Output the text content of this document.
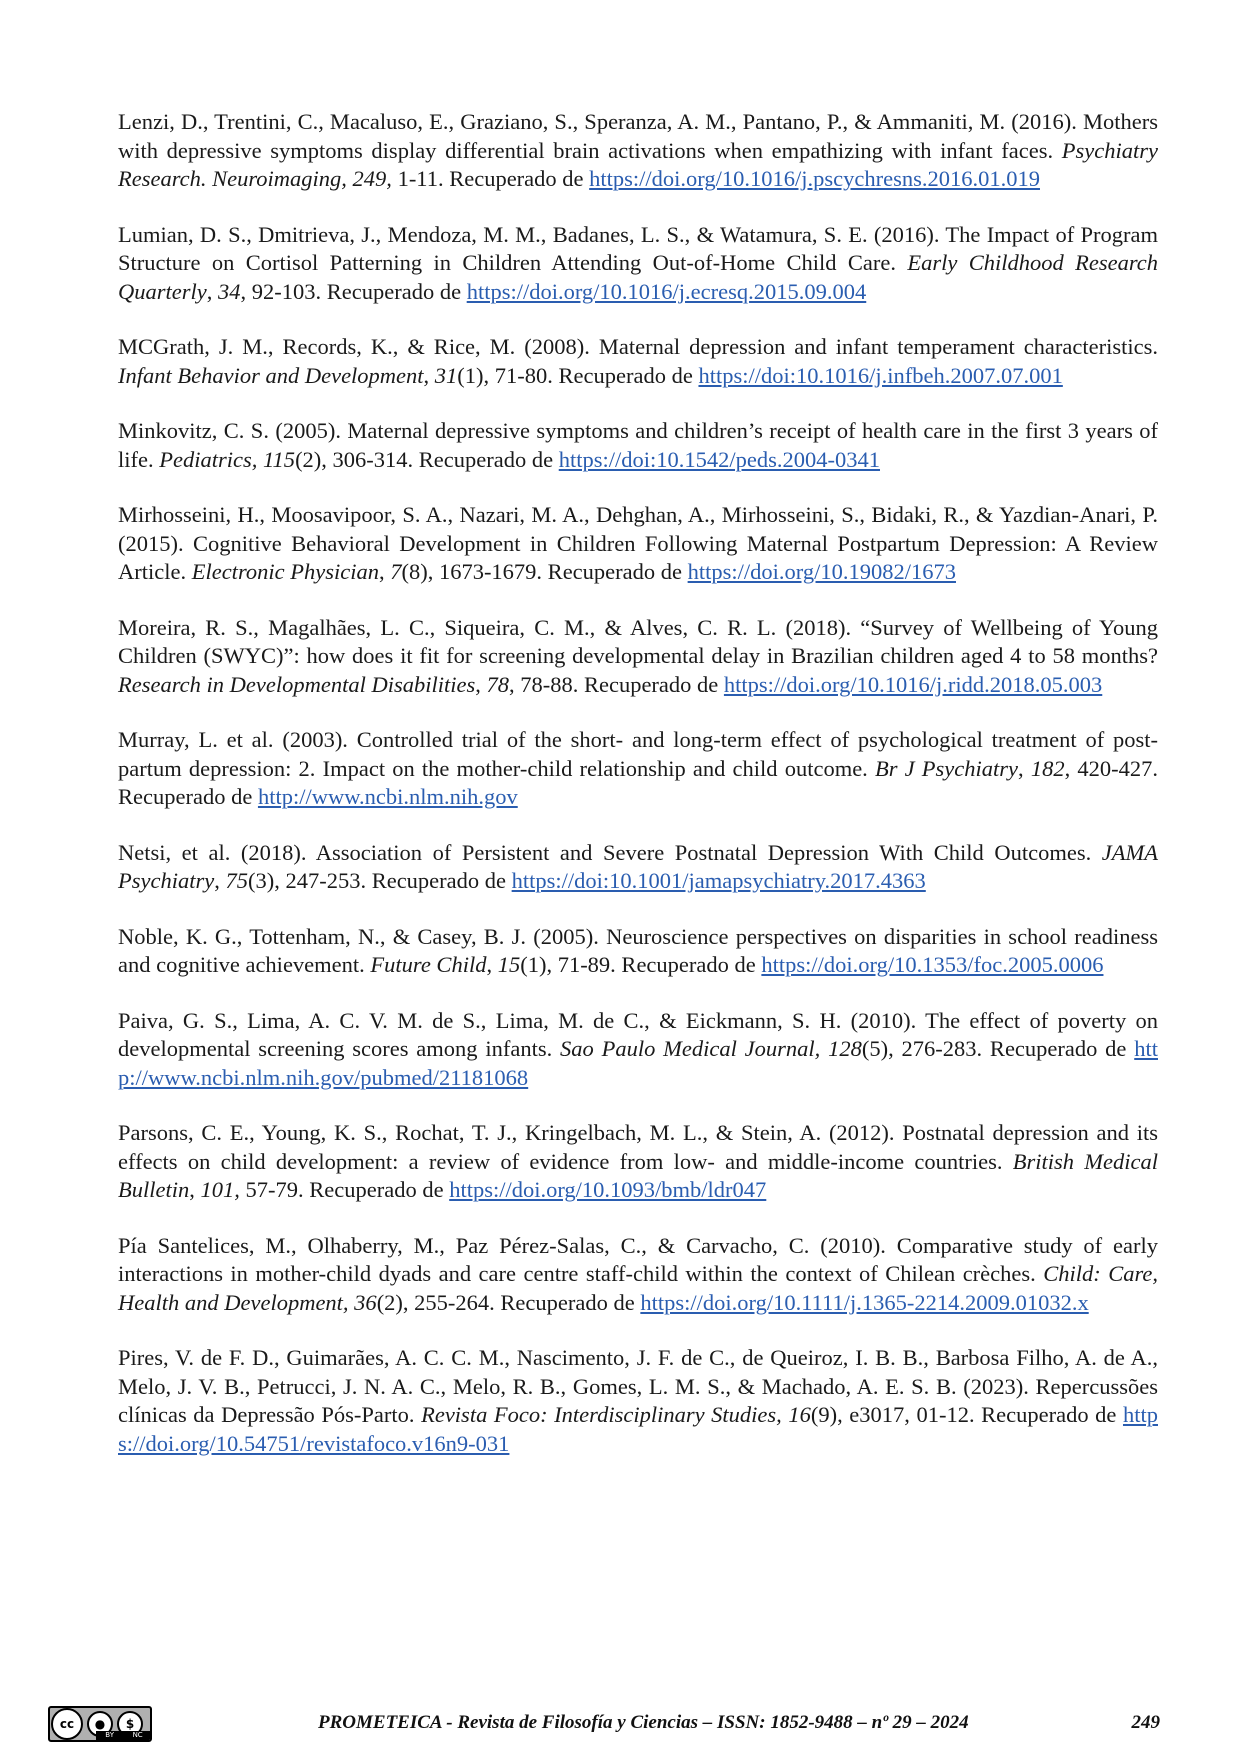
Lenzi, D., Trentini, C., Macaluso, E., Graziano, S., Speranza, A. M., Pantano, P., & Ammaniti, M. (2016). Mothers with depressive symptoms display differential brain activations when empathizing with infant faces. Psychiatry Research. Neuroimaging, 249, 1-11. Recuperado de https://doi.org/10.1016/j.pscychresns.2016.01.019

Lumian, D. S., Dmitrieva, J., Mendoza, M. M., Badanes, L. S., & Watamura, S. E. (2016). The Impact of Program Structure on Cortisol Patterning in Children Attending Out-of-Home Child Care. Early Childhood Research Quarterly, 34, 92-103. Recuperado de https://doi.org/10.1016/j.ecresq.2015.09.004

MCGrath, J. M., Records, K., & Rice, M. (2008). Maternal depression and infant temperament characteristics. Infant Behavior and Development, 31(1), 71-80. Recuperado de https://doi:10.1016/j.infbeh.2007.07.001

Minkovitz, C. S. (2005). Maternal depressive symptoms and children’s receipt of health care in the first 3 years of life. Pediatrics, 115(2), 306-314. Recuperado de https://doi:10.1542/peds.2004-0341

Mirhosseini, H., Moosavipoor, S. A., Nazari, M. A., Dehghan, A., Mirhosseini, S., Bidaki, R., & Yazdian-Anari, P. (2015). Cognitive Behavioral Development in Children Following Maternal Postpartum Depression: A Review Article. Electronic Physician, 7(8), 1673-1679. Recuperado de https://doi.org/10.19082/1673

Moreira, R. S., Magalhães, L. C., Siqueira, C. M., & Alves, C. R. L. (2018). “Survey of Wellbeing of Young Children (SWYC)”: how does it fit for screening developmental delay in Brazilian children aged 4 to 58 months? Research in Developmental Disabilities, 78, 78-88. Recuperado de https://doi.org/10.1016/j.ridd.2018.05.003

Murray, L. et al. (2003). Controlled trial of the short- and long-term effect of psychological treatment of post-partum depression: 2. Impact on the mother-child relationship and child outcome. Br J Psychiatry, 182, 420-427. Recuperado de http://www.ncbi.nlm.nih.gov

Netsi, et al. (2018). Association of Persistent and Severe Postnatal Depression With Child Outcomes. JAMA Psychiatry, 75(3), 247-253. Recuperado de https://doi:10.1001/jamapsychiatry.2017.4363

Noble, K. G., Tottenham, N., & Casey, B. J. (2005). Neuroscience perspectives on disparities in school readiness and cognitive achievement. Future Child, 15(1), 71-89. Recuperado de https://doi.org/10.1353/foc.2005.0006

Paiva, G. S., Lima, A. C. V. M. de S., Lima, M. de C., & Eickmann, S. H. (2010). The effect of poverty on developmental screening scores among infants. Sao Paulo Medical Journal, 128(5), 276-283. Recuperado de http://www.ncbi.nlm.nih.gov/pubmed/21181068

Parsons, C. E., Young, K. S., Rochat, T. J., Kringelbach, M. L., & Stein, A. (2012). Postnatal depression and its effects on child development: a review of evidence from low- and middle-income countries. British Medical Bulletin, 101, 57-79. Recuperado de https://doi.org/10.1093/bmb/ldr047

Pía Santelices, M., Olhaberry, M., Paz Pérez-Salas, C., & Carvacho, C. (2010). Comparative study of early interactions in mother-child dyads and care centre staff-child within the context of Chilean crèches. Child: Care, Health and Development, 36(2), 255-264. Recuperado de https://doi.org/10.1111/j.1365-2214.2009.01032.x

Pires, V. de F. D., Guimarães, A. C. C. M., Nascimento, J. F. de C., de Queiroz, I. B. B., Barbosa Filho, A. de A., Melo, J. V. B., Petrucci, J. N. A. C., Melo, R. B., Gomes, L. M. S., & Machado, A. E. S. B. (2023). Repercussões clínicas da Depressão Pós-Parto. Revista Foco: Interdisciplinary Studies, 16(9), e3017, 01-12. Recuperado de https://doi.org/10.54751/revistafoco.v16n9-031

cc	●	$
BY	NC
PROMETEICA - Revista de Filosofía y Ciencias – ISSN: 1852-9488 – nº 29 – 2024	249
